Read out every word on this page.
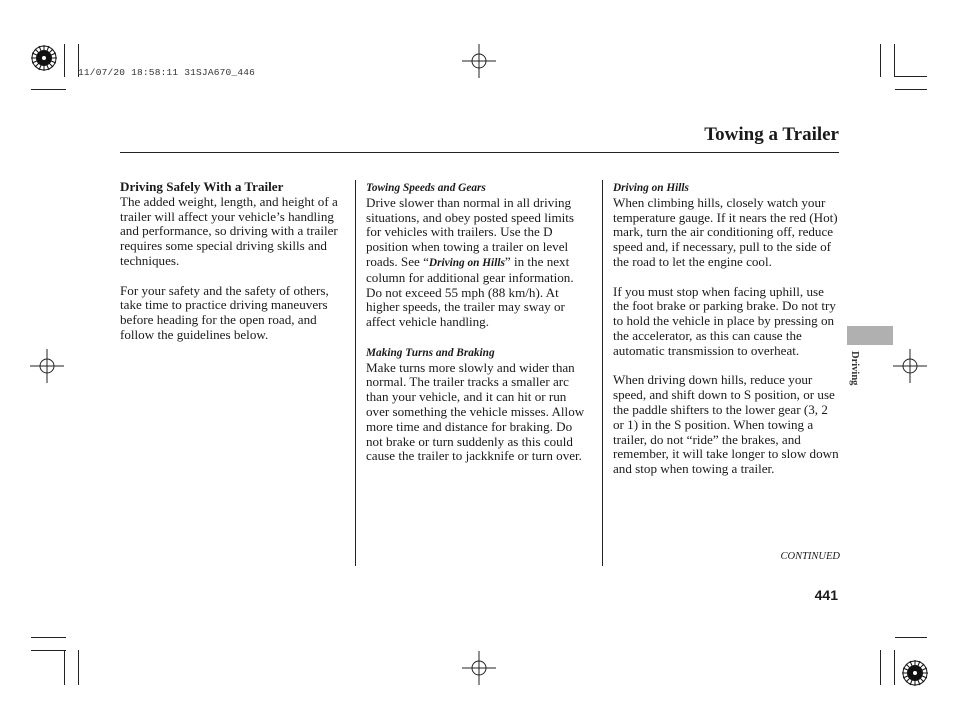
11/07/20 18:58:11 31SJA670_446
Towing a Trailer

Driving Safely With a Trailer
The added weight, length, and height of a trailer will affect your vehicle’s handling and performance, so driving with a trailer requires some special driving skills and techniques.

For your safety and the safety of others, take time to practice driving maneuvers before heading for the open road, and follow the guidelines below.

Towing Speeds and Gears
Drive slower than normal in all driving situations, and obey posted speed limits for vehicles with trailers. Use the D position when towing a trailer on level roads. See “Driving on Hills” in the next column for additional gear information. Do not exceed 55 mph (88 km/h). At higher speeds, the trailer may sway or affect vehicle handling.

Making Turns and Braking
Make turns more slowly and wider than normal. The trailer tracks a smaller arc than your vehicle, and it can hit or run over something the vehicle misses. Allow more time and distance for braking. Do not brake or turn suddenly as this could cause the trailer to jackknife or turn over.

Driving on Hills
When climbing hills, closely watch your temperature gauge. If it nears the red (Hot) mark, turn the air conditioning off, reduce speed and, if necessary, pull to the side of the road to let the engine cool.

If you must stop when facing uphill, use the foot brake or parking brake. Do not try to hold the vehicle in place by pressing on the accelerator, as this can cause the automatic transmission to overheat.

When driving down hills, reduce your speed, and shift down to S position, or use the paddle shifters to the lower gear (3, 2 or 1) in the S position. When towing a trailer, do not “ride” the brakes, and remember, it will take longer to slow down and stop when towing a trailer.

Driving
CONTINUED
441
